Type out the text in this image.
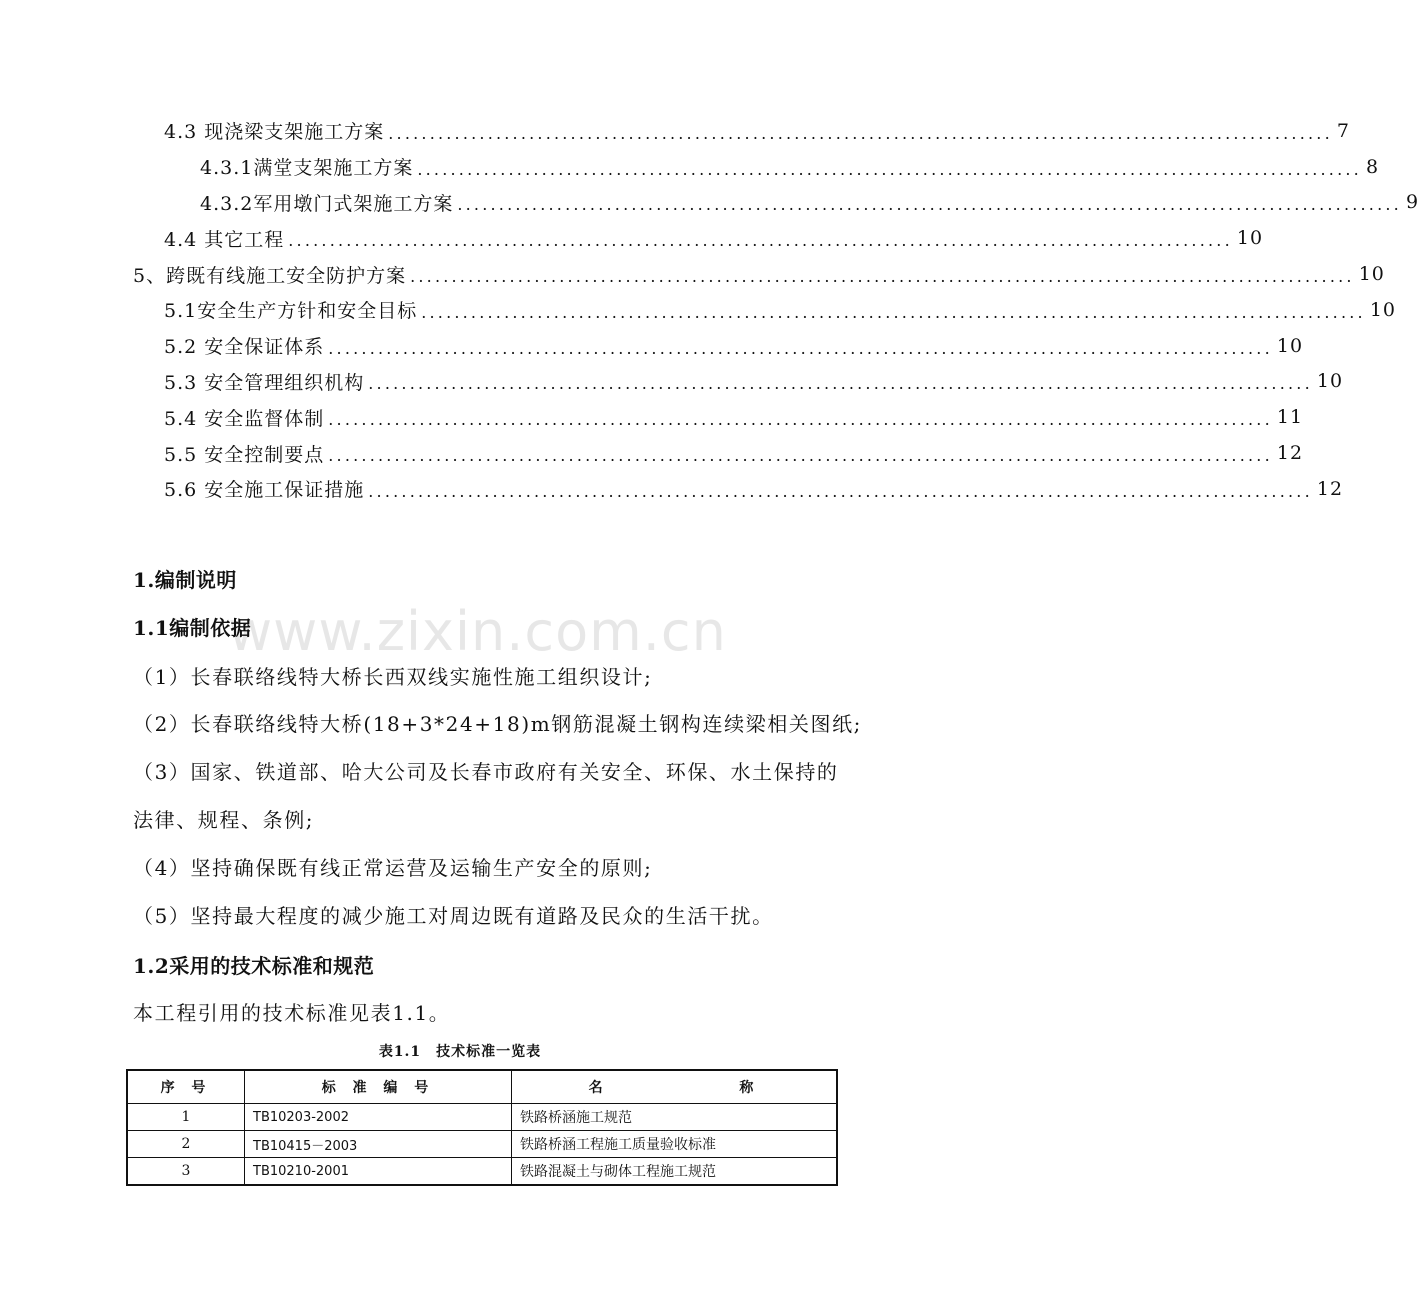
4.3 现浇梁支架施工方案 .................................................................................................................. 7
4.3.1满堂支架施工方案 .................................................................................................................. 8
4.3.2军用墩门式架施工方案 .................................................................................................................. 9
4.4 其它工程 .................................................................................................................. 10
5、跨既有线施工安全防护方案 .................................................................................................................. 10
5.1安全生产方针和安全目标 .................................................................................................................. 10
5.2 安全保证体系 .................................................................................................................. 10
5.3 安全管理组织机构 .................................................................................................................. 10
5.4 安全监督体制 .................................................................................................................. 11
5.5 安全控制要点 .................................................................................................................. 12
5.6 安全施工保证措施 .................................................................................................................. 12
www.zixin.com.cn
1.编制说明
1.1编制依据
（1）长春联络线特大桥长西双线实施性施工组织设计;
（2）长春联络线特大桥(18+3*24+18)m钢筋混凝土钢构连续梁相关图纸;
（3）国家、铁道部、哈大公司及长春市政府有关安全、环保、水土保持的
法律、规程、条例;
（4）坚持确保既有线正常运营及运输生产安全的原则;
（5）坚持最大程度的减少施工对周边既有道路及民众的生活干扰。
1.2采用的技术标准和规范
本工程引用的技术标准见表1.1。
表1.1　技术标准一览表
序 号	标 准 编 号	名 称
1	TB10203-2002	铁路桥涵施工规范
2	TB10415－2003	铁路桥涵工程施工质量验收标准
3	TB10210-2001	铁路混凝土与砌体工程施工规范
